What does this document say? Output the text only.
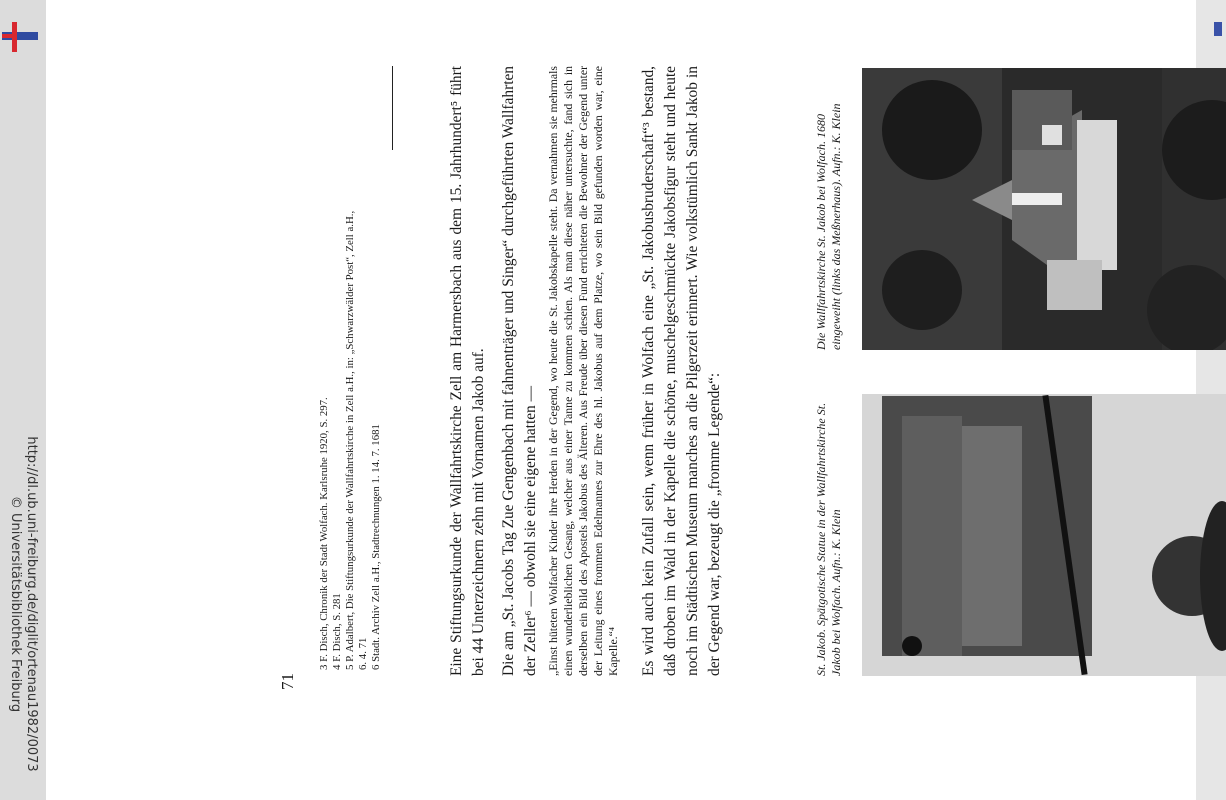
Die Wallfahrtskirche St. Jakob bei Wolfach. 1680 eingeweiht (links das Meßnerhaus). Aufn.: K. Klein
St. Jakob. Spätgotische Statue in der Wallfahrtskirche St. Jakob bei Wolfach. Aufn.: K. Klein

Es wird auch kein Zufall sein, wenn früher in Wolfach eine „St. Jakobusbruderschaft“³ bestand, daß droben im Wald in der Kapelle die schöne, muschelgeschmückte Jakobsfigur steht und heute noch im Städtischen Museum manches an die Pilgerzeit erinnert. Wie volkstümlich Sankt Jakob in der Gegend war, bezeugt die „fromme Legende“:

„Einst hüteten Wolfacher Kinder ihre Herden in der Gegend, wo heute die St. Jakobskapelle steht. Da vernahmen sie mehrmals einen wunderlieblichen Gesang, welcher aus einer Tanne zu kommen schien. Als man diese näher untersuchte, fand sich in derselben ein Bild des Apostels Jakobus des Älteren. Aus Freude über diesen Fund errichteten die Bewohner der Gegend unter der Leitung eines frommen Edelmannes zur Ehre des hl. Jakobus auf dem Platze, wo sein Bild gefunden worden war, eine Kapelle.“⁴

Eine Stiftungsurkunde der Wallfahrtskirche Zell am Harmersbach aus dem 15. Jahrhundert⁵ führt bei 44 Unterzeichnern zehn mit Vornamen Jakob auf. Die am „St. Jacobs Tag Zue Gengenbach mit fahnenträger und Singer“ durchgeführten Wallfahrten der Zeller⁶ — obwohl sie eine eigene hatten —

3 F. Disch, Chronik der Stadt Wolfach. Karlsruhe 1920, S. 297. 4 F. Disch, S. 281 5 P. Adalbert, Die Stiftungsurkunde der Wallfahrtskirche in Zell a.H., in: „Schwarzwälder Post“, Zell a.H., 6. 4. 71 6 Stadt. Archiv Zell a.H., Stadtrechnungen 1. 14. 7. 1681
71
http://dl.ub.uni-freiburg.de/diglit/ortenau1982/0073
© Universitätsbibliothek Freiburg
